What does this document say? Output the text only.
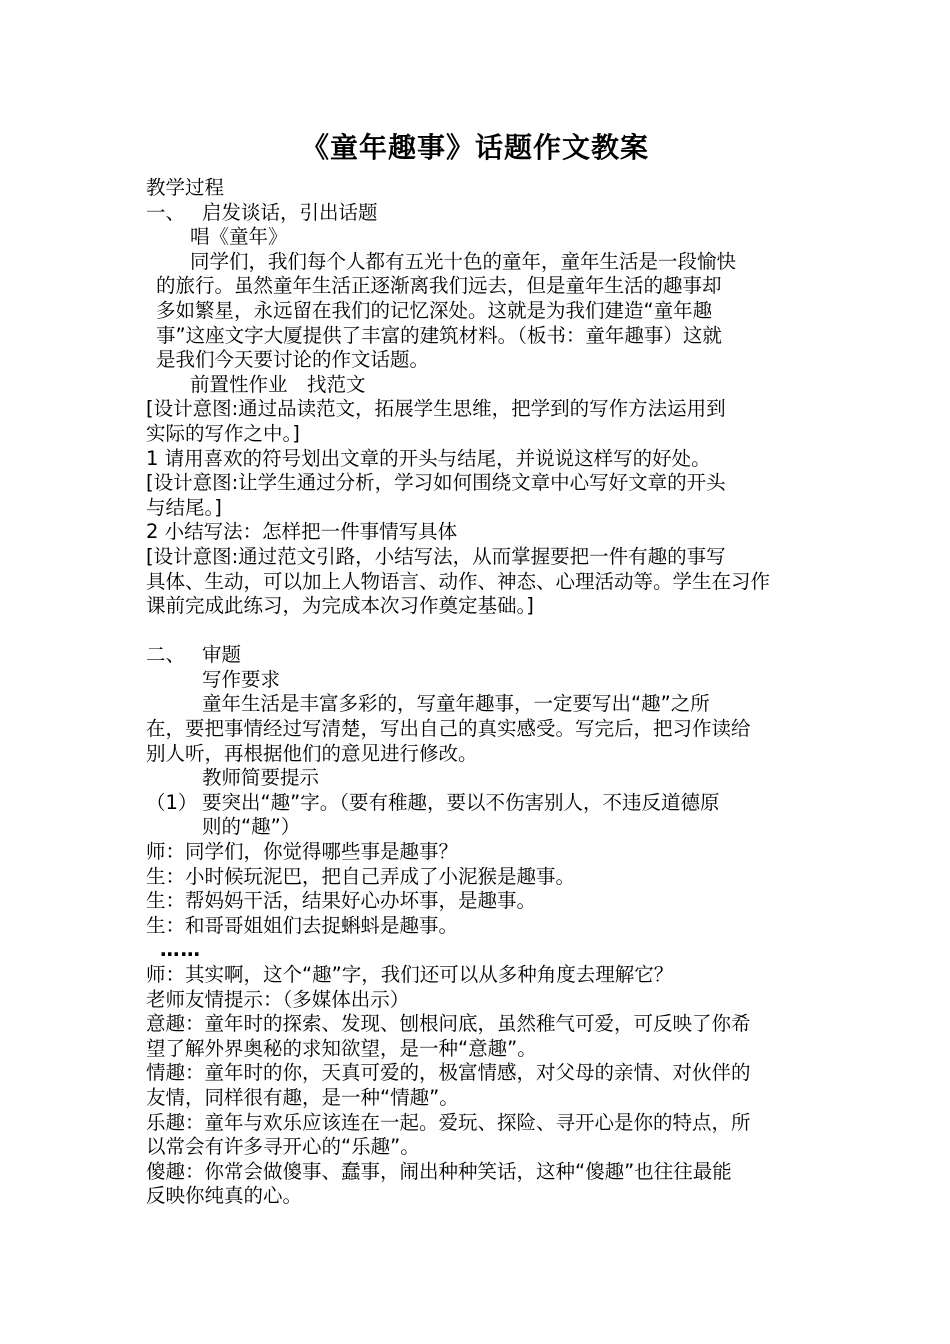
《童年趣事》话题作文教案

教学过程

一、 启发谈话，引出话题

唱《童年》

同学们，我们每个人都有五光十色的童年，童年生活是一段愉快

的旅行。虽然童年生活正逐渐离我们远去，但是童年生活的趣事却

多如繁星，永远留在我们的记忆深处。这就是为我们建造“童年趣

事”这座文字大厦提供了丰富的建筑材料。（板书：童年趣事）这就

是我们今天要讨论的作文话题。

前置性作业　找范文

[设计意图:通过品读范文，拓展学生思维，把学到的写作方法运用到

实际的写作之中。]

1 请用喜欢的符号划出文章的开头与结尾，并说说这样写的好处。

[设计意图:让学生通过分析，学习如何围绕文章中心写好文章的开头

与结尾。]

2 小结写法：怎样把一件事情写具体

[设计意图:通过范文引路，小结写法，从而掌握要把一件有趣的事写

具体、生动，可以加上人物语言、动作、神态、心理活动等。学生在习作

课前完成此练习，为完成本次习作奠定基础。]

二、 审题

写作要求

童年生活是丰富多彩的，写童年趣事，一定要写出“趣”之所

在，要把事情经过写清楚，写出自己的真实感受。写完后，把习作读给

别人听，再根据他们的意见进行修改。

教师简要提示

（1） 要突出“趣”字。（要有稚趣，要以不伤害别人，不违反道德原

则的“趣”）

师：同学们，你觉得哪些事是趣事？

生：小时候玩泥巴，把自己弄成了小泥猴是趣事。

生：帮妈妈干活，结果好心办坏事，是趣事。

生：和哥哥姐姐们去捉蝌蚪是趣事。

……

师：其实啊，这个“趣”字，我们还可以从多种角度去理解它？

老师友情提示：（多媒体出示）

意趣：童年时的探索、发现、刨根问底，虽然稚气可爱，可反映了你希

望了解外界奥秘的求知欲望，是一种“意趣”。

情趣：童年时的你，天真可爱的，极富情感，对父母的亲情、对伙伴的

友情，同样很有趣，是一种“情趣”。

乐趣：童年与欢乐应该连在一起。爱玩、探险、寻开心是你的特点，所

以常会有许多寻开心的“乐趣”。

傻趣：你常会做傻事、蠢事，闹出种种笑话，这种“傻趣”也往往最能

反映你纯真的心。
